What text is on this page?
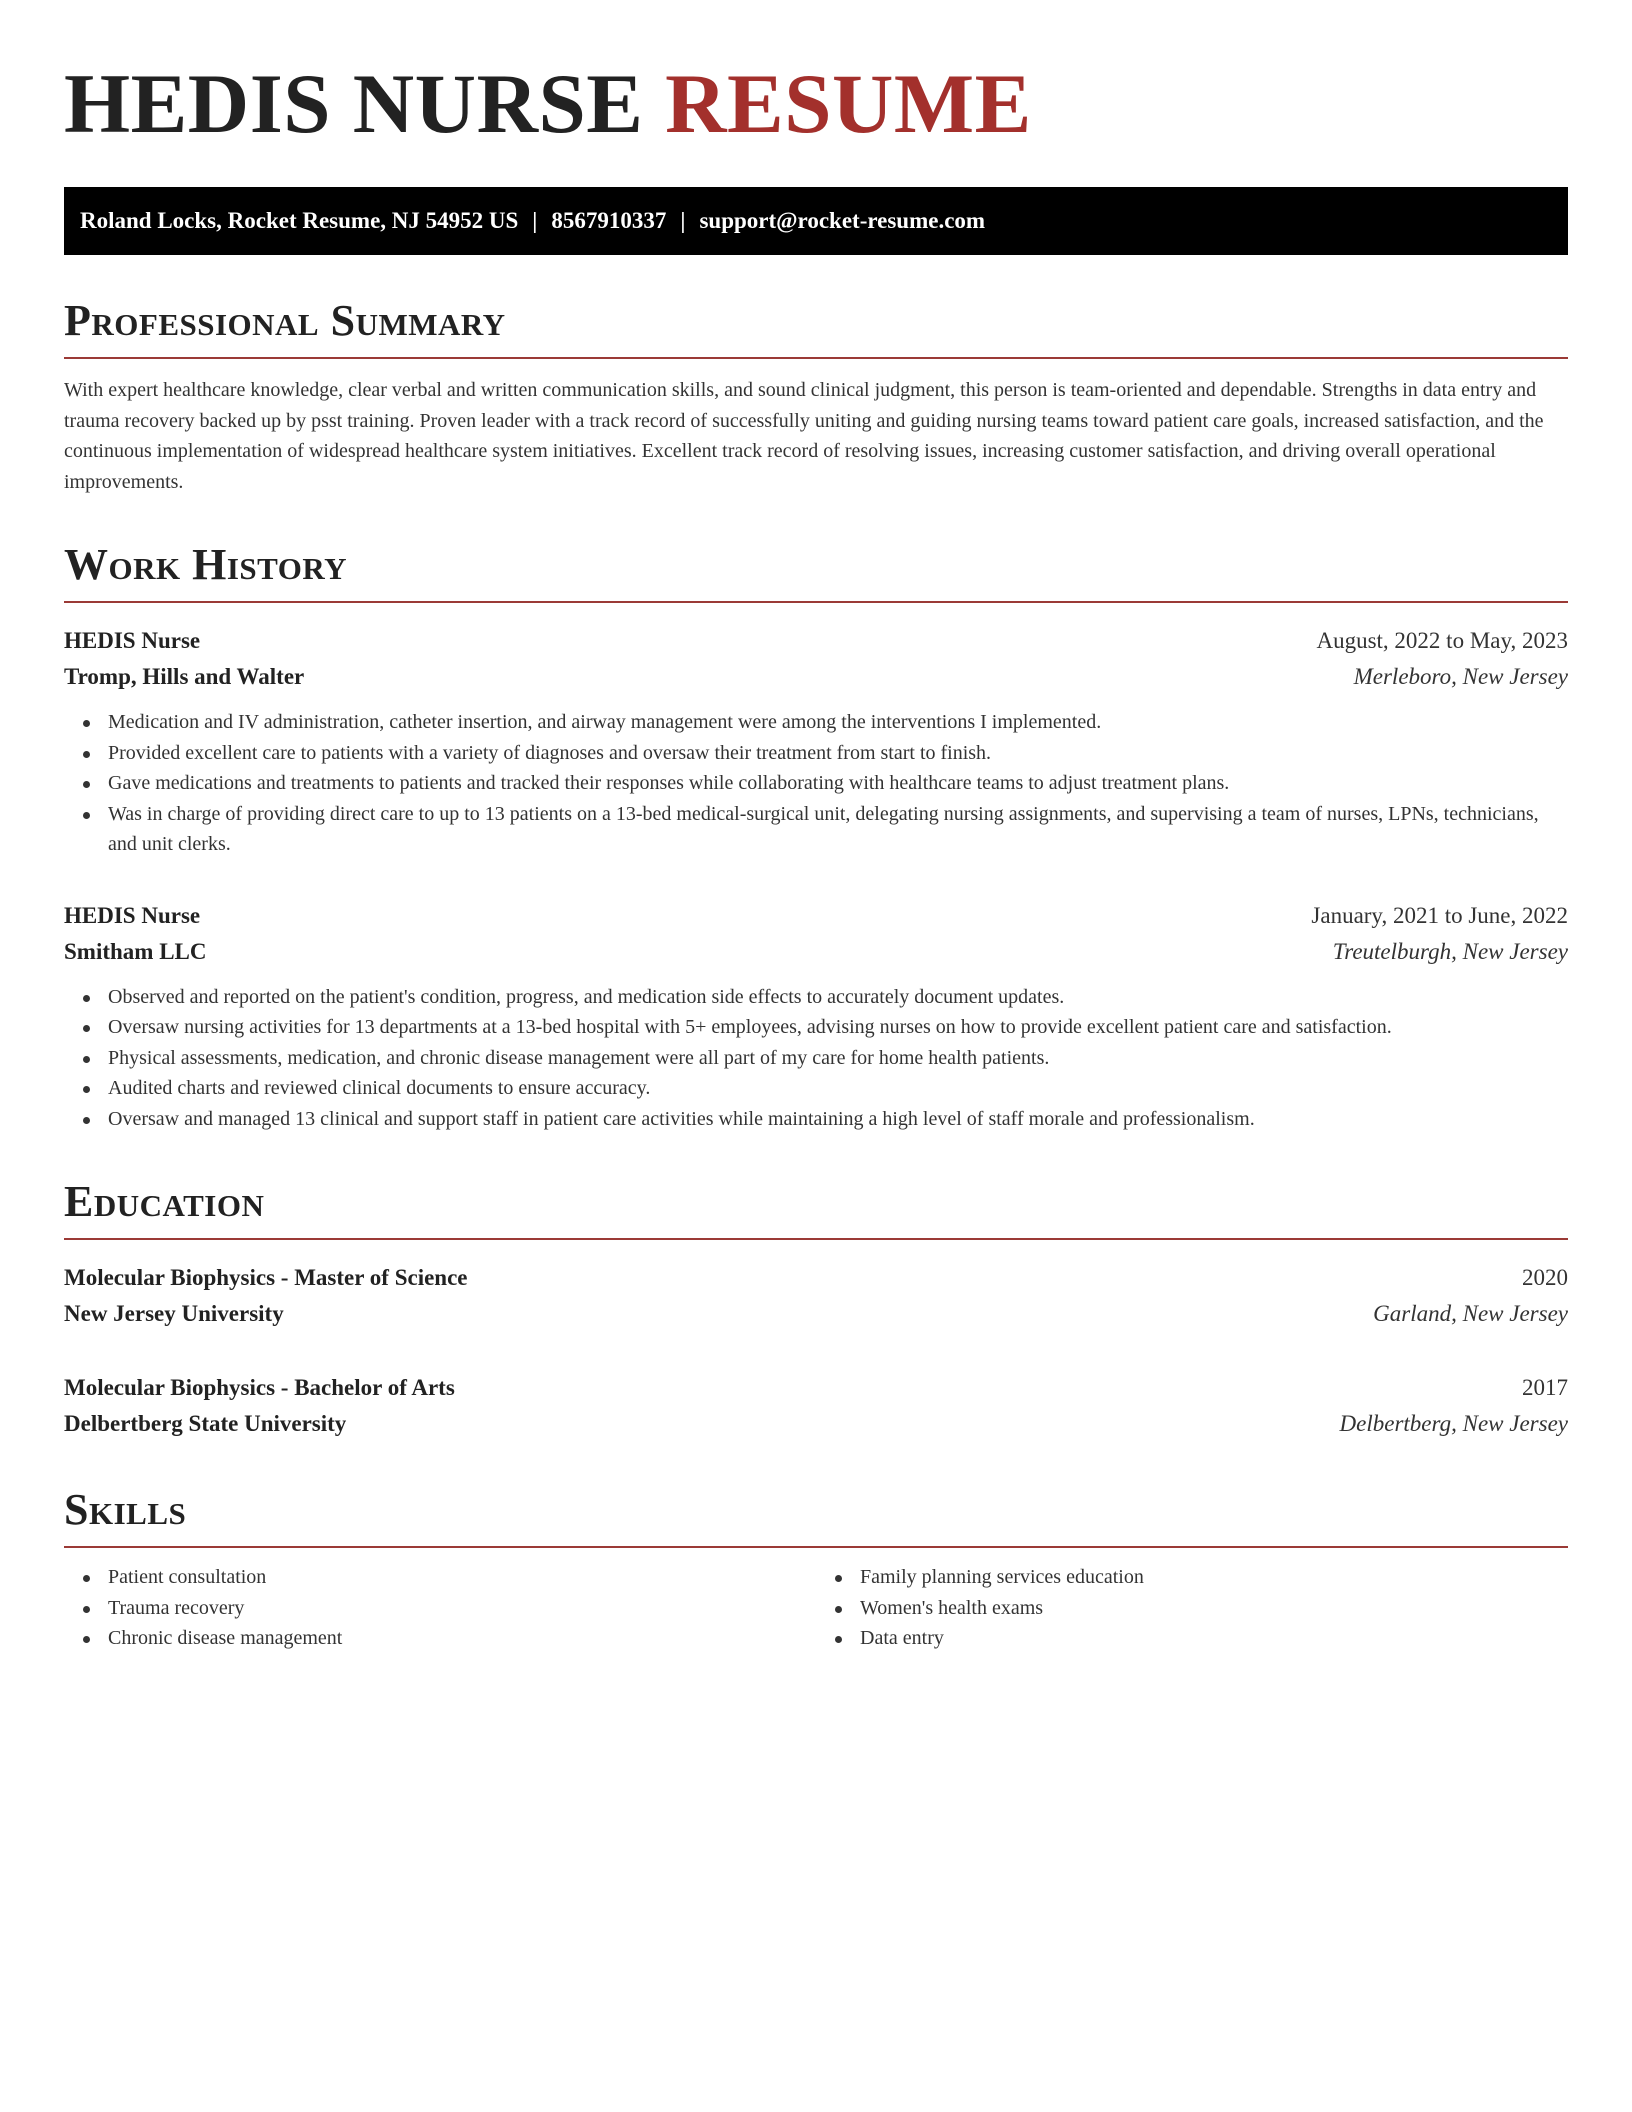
HEDIS NURSE RESUME
Roland Locks, Rocket Resume, NJ 54952 US | 8567910337 | support@rocket-resume.com
Professional Summary

With expert healthcare knowledge, clear verbal and written communication skills, and sound clinical judgment, this person is team-oriented and dependable. Strengths in data entry and trauma recovery backed up by psst training. Proven leader with a track record of successfully uniting and guiding nursing teams toward patient care goals, increased satisfaction, and the continuous implementation of widespread healthcare system initiatives. Excellent track record of resolving issues, increasing customer satisfaction, and driving overall operational improvements.

Work History
HEDIS Nurse	August, 2022 to May, 2023
Tromp, Hills and Walter	Merleboro, New Jersey
Medication and IV administration, catheter insertion, and airway management were among the interventions I implemented.
Provided excellent care to patients with a variety of diagnoses and oversaw their treatment from start to finish.
Gave medications and treatments to patients and tracked their responses while collaborating with healthcare teams to adjust treatment plans.
Was in charge of providing direct care to up to 13 patients on a 13-bed medical-surgical unit, delegating nursing assignments, and supervising a team of nurses, LPNs, technicians, and unit clerks.
HEDIS Nurse	January, 2021 to June, 2022
Smitham LLC	Treutelburgh, New Jersey
Observed and reported on the patient's condition, progress, and medication side effects to accurately document updates.
Oversaw nursing activities for 13 departments at a 13-bed hospital with 5+ employees, advising nurses on how to provide excellent patient care and satisfaction.
Physical assessments, medication, and chronic disease management were all part of my care for home health patients.
Audited charts and reviewed clinical documents to ensure accuracy.
Oversaw and managed 13 clinical and support staff in patient care activities while maintaining a high level of staff morale and professionalism.
Education
Molecular Biophysics - Master of Science	2020
New Jersey University	Garland, New Jersey
Molecular Biophysics - Bachelor of Arts	2017
Delbertberg State University	Delbertberg, New Jersey
Skills
Patient consultation
Trauma recovery
Chronic disease management
Family planning services education
Women's health exams
Data entry
